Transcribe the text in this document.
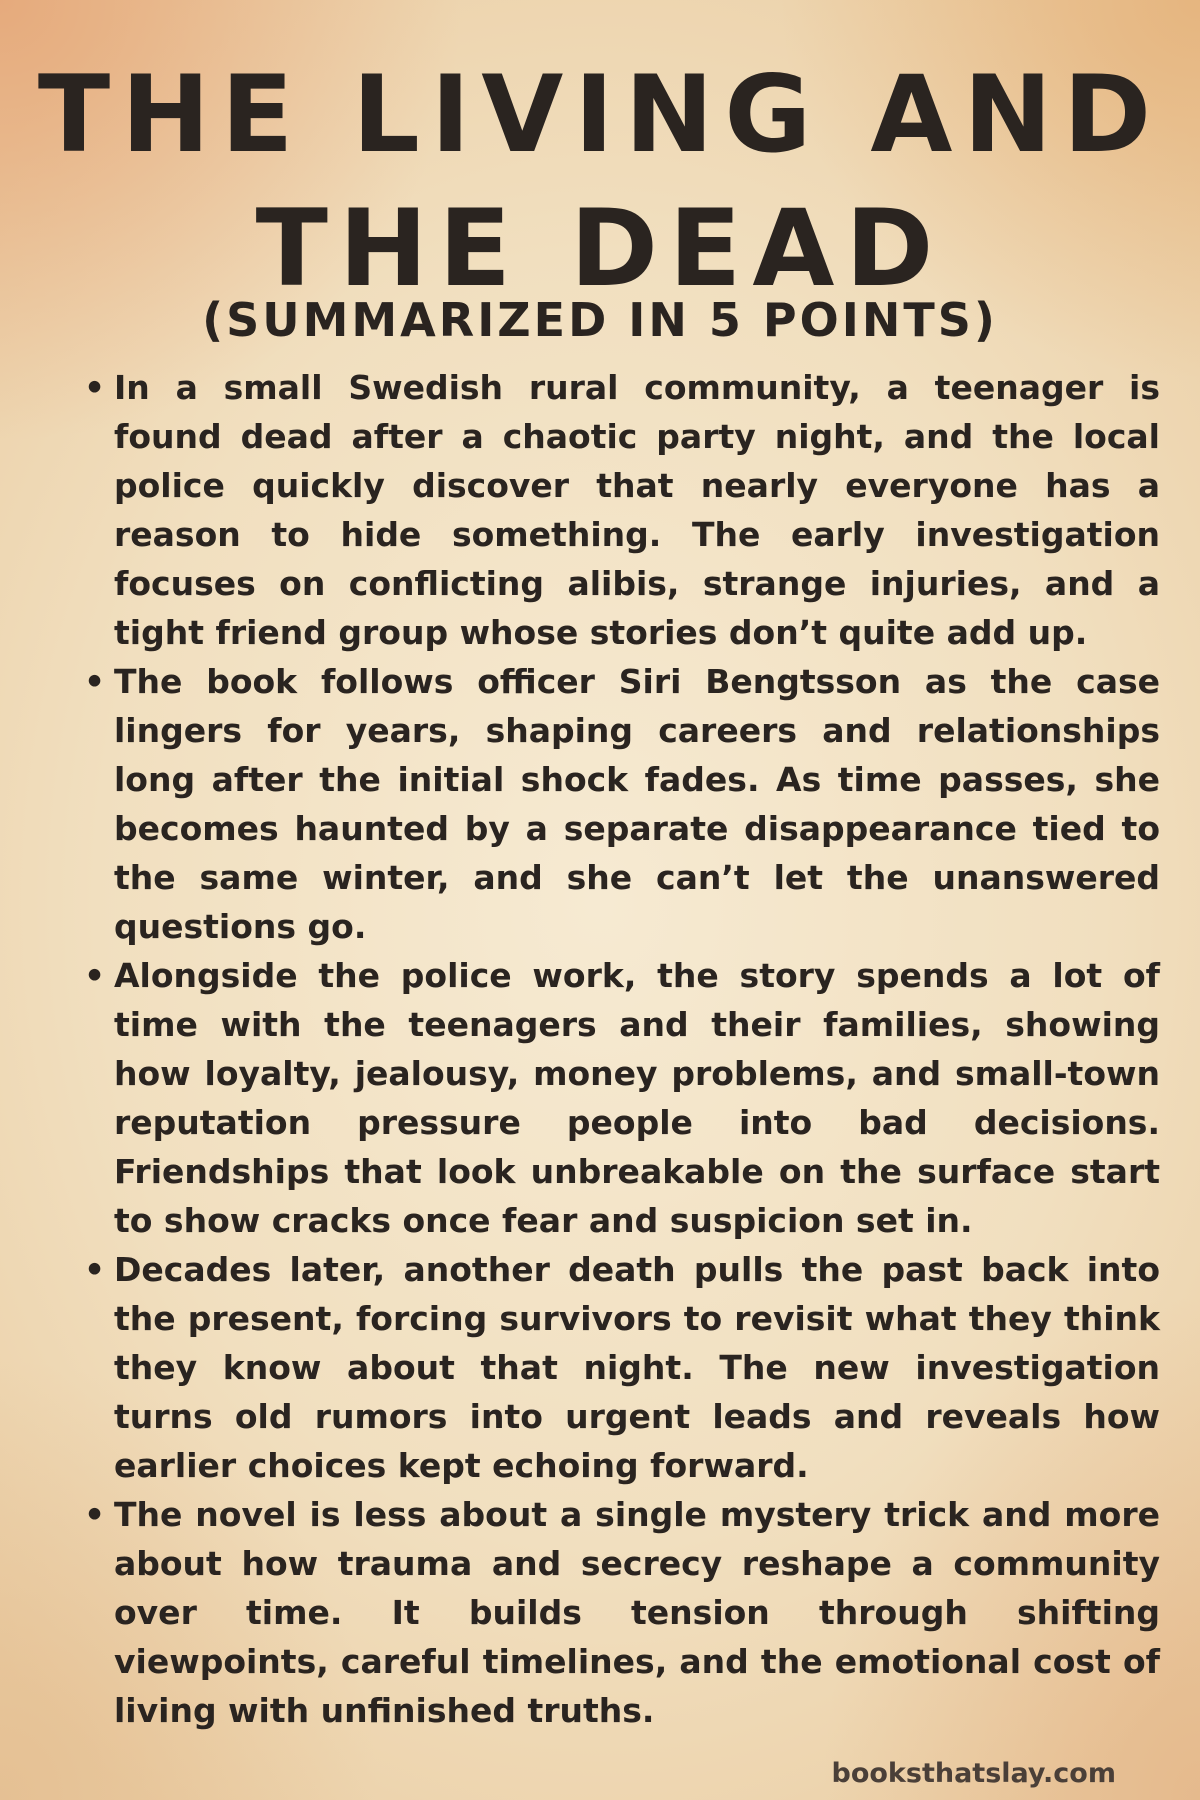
THE LIVING AND THE DEAD
(SUMMARIZED IN 5 POINTS)
• In a small Swedish rural community, a teenager is found dead after a chaotic party night, and the local police quickly discover that nearly everyone has a reason to hide something. The early investigation focuses on conflicting alibis, strange injuries, and a tight friend group whose stories don’t quite add up.
• The book follows officer Siri Bengtsson as the case lingers for years, shaping careers and relationships long after the initial shock fades. As time passes, she becomes haunted by a separate disappearance tied to the same winter, and she can’t let the unanswered questions go.
• Alongside the police work, the story spends a lot of time with the teenagers and their families, showing how loyalty, jealousy, money problems, and small-town reputation pressure people into bad decisions. Friendships that look unbreakable on the surface start to show cracks once fear and suspicion set in.
• Decades later, another death pulls the past back into the present, forcing survivors to revisit what they think they know about that night. The new investigation turns old rumors into urgent leads and reveals how earlier choices kept echoing forward.
• The novel is less about a single mystery trick and more about how trauma and secrecy reshape a community over time. It builds tension through shifting viewpoints, careful timelines, and the emotional cost of living with unfinished truths.

booksthatslay.com
